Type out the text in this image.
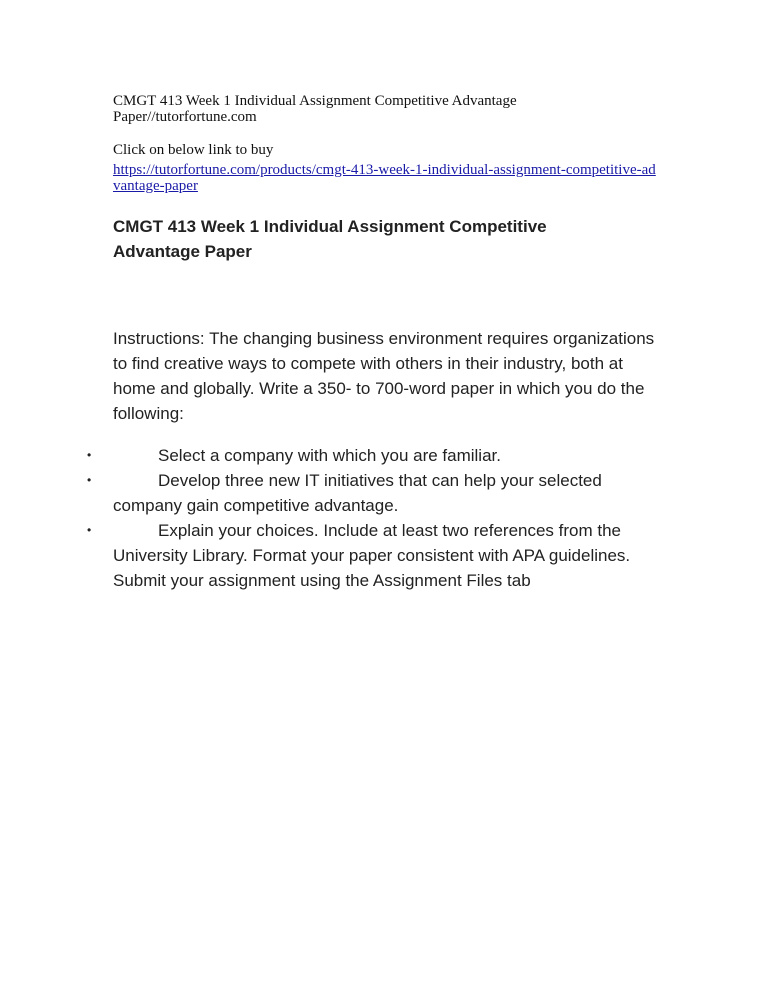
CMGT 413 Week 1 Individual Assignment Competitive Advantage Paper//tutorfortune.com
Click on below link to buy
https://tutorfortune.com/products/cmgt-413-week-1-individual-assignment-competitive-advantage-paper
CMGT 413 Week 1 Individual Assignment Competitive Advantage Paper
Instructions: The changing business environment requires organizations to find creative ways to compete with others in their industry, both at home and globally. Write a 350- to 700-word paper in which you do the following:
•	Select a company with which you are familiar.
•	Develop three new IT initiatives that can help your selected company gain competitive advantage.
•	Explain your choices. Include at least two references from the University Library. Format your paper consistent with APA guidelines. Submit your assignment using the Assignment Files tab
